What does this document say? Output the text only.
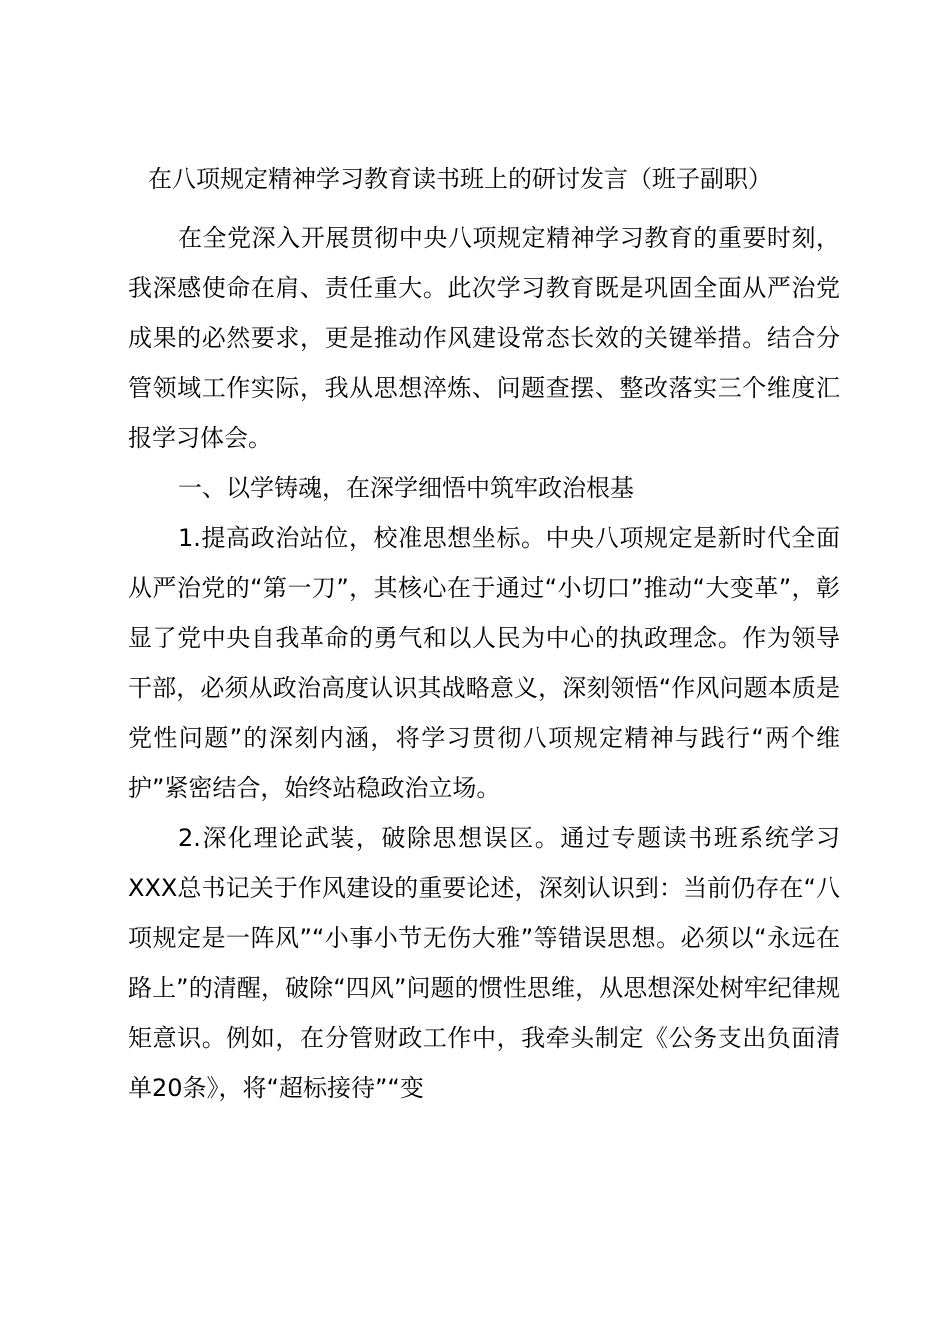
在八项规定精神学习教育读书班上的研讨发言（班子副职）

在全党深入开展贯彻中央八项规定精神学习教育的重要时刻，我深感使命在肩、责任重大。此次学习教育既是巩固全面从严治党成果的必然要求，更是推动作风建设常态长效的关键举措。结合分管领域工作实际，我从思想淬炼、问题查摆、整改落实三个维度汇报学习体会。

一、以学铸魂，在深学细悟中筑牢政治根基

1.提高政治站位，校准思想坐标。中央八项规定是新时代全面从严治党的“第一刀”，其核心在于通过“小切口”推动“大变革”，彰显了党中央自我革命的勇气和以人民为中心的执政理念。作为领导干部，必须从政治高度认识其战略意义，深刻领悟“作风问题本质是党性问题”的深刻内涵，将学习贯彻八项规定精神与践行“两个维护”紧密结合，始终站稳政治立场。

2.深化理论武装，破除思想误区。通过专题读书班系统学习XXX总书记关于作风建设的重要论述，深刻认识到：当前仍存在“八项规定是一阵风”“小事小节无伤大雅”等错误思想。必须以“永远在路上”的清醒，破除“四风”问题的惯性思维，从思想深处树牢纪律规矩意识。例如，在分管财政工作中，我牵头制定《公务支出负面清单20条》，将“超标接待”“变
